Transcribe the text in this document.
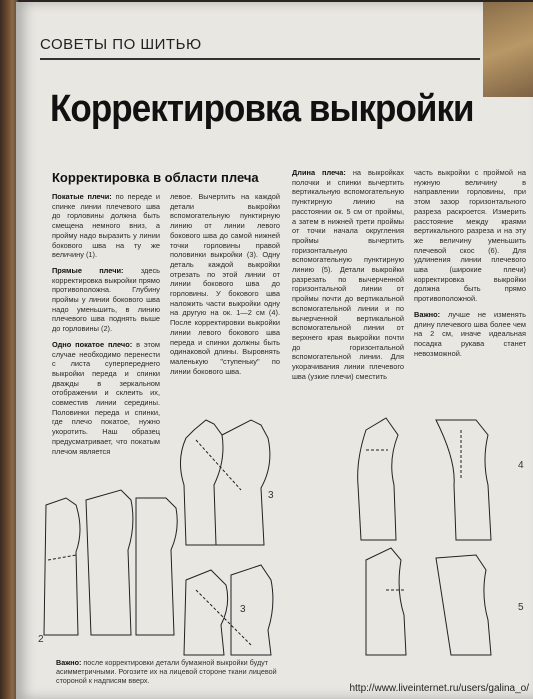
СОВЕТЫ ПО ШИТЬЮ
Корректировка выкройки
Корректировка в области плеча

Покатые плечи: по переде и спинке линии плечевого шва до горловины должна быть смещена немного вниз, а пройму надо выразить у линии бокового шва на ту же величину (1).

Прямые плечи: здесь корректировка выкройки прямо противоположна. Глубину проймы у линии бокового шва надо уменьшить, в линию плечевого шва поднять выше до горловины (2).

Одно покатое плечо: в этом случае необходимо перенести с листа суперпереднего выкройки переда и спинки дважды в зеркальном отображении и склеить их, совместив линии середины. Половинки переда и спинки, где плечо покатое, нужно укоротить. Наш образец предусматривает, что покатым плечом является

левое. Вычертить на каждой детали выкройки вспомогательную пунктирную линию от линии левого бокового шва до самой нижней точки горловины правой половинки выкройки (3). Одну деталь каждой выкройки отрезать по этой линии от линии бокового шва до горловины. У бокового шва наложить части выкройки одну на другую на ок. 1—2 см (4). После корректировки выкройки линии левого бокового шва переда и спинки должны быть одинаковой длины. Выровнять маленькую "ступеньку" по линии бокового шва.

Длина плеча: на выкройках полочки и спинки вычертить вертикальную вспомогательную пунктирную линию на расстоянии ок. 5 см от проймы, а затем в нижней трети проймы от точки начала округления проймы вычертить горизонтальную вспомогательную пунктирную линию (5). Детали выкройки разрезать по вычерченной горизонтальной линии от проймы почти до вертикальной вспомогательной линии и по вычерченной вертикальной вспомогательной линии от верхнего края выкройки почти до горизонтальной вспомогательной линии. Для укорачивания линии плечевого шва (узкие плечи) сместить

часть выкройки с проймой на нужную величину в направлении горловины, при этом зазор горизонтального разреза раскроется. Измерить расстояние между краями вертикального разреза и на эту же величину уменьшить плечевой скос (6). Для удлинения линии плечевого шва (широкие плечи) корректировка выкройки должна быть прямо противоположной.

Важно: лучше не изменять длину плечевого шва более чем на 2 см, иначе идеальная посадка рукава станет невозможной.

3
4
2
3	5
Важно: после корректировки детали бумажной выкройки будут асимметричными. Рогозите их на лицевой стороне ткани лицевой стороной к надписям вверх.
http://www.liveinternet.ru/users/galina_o/
